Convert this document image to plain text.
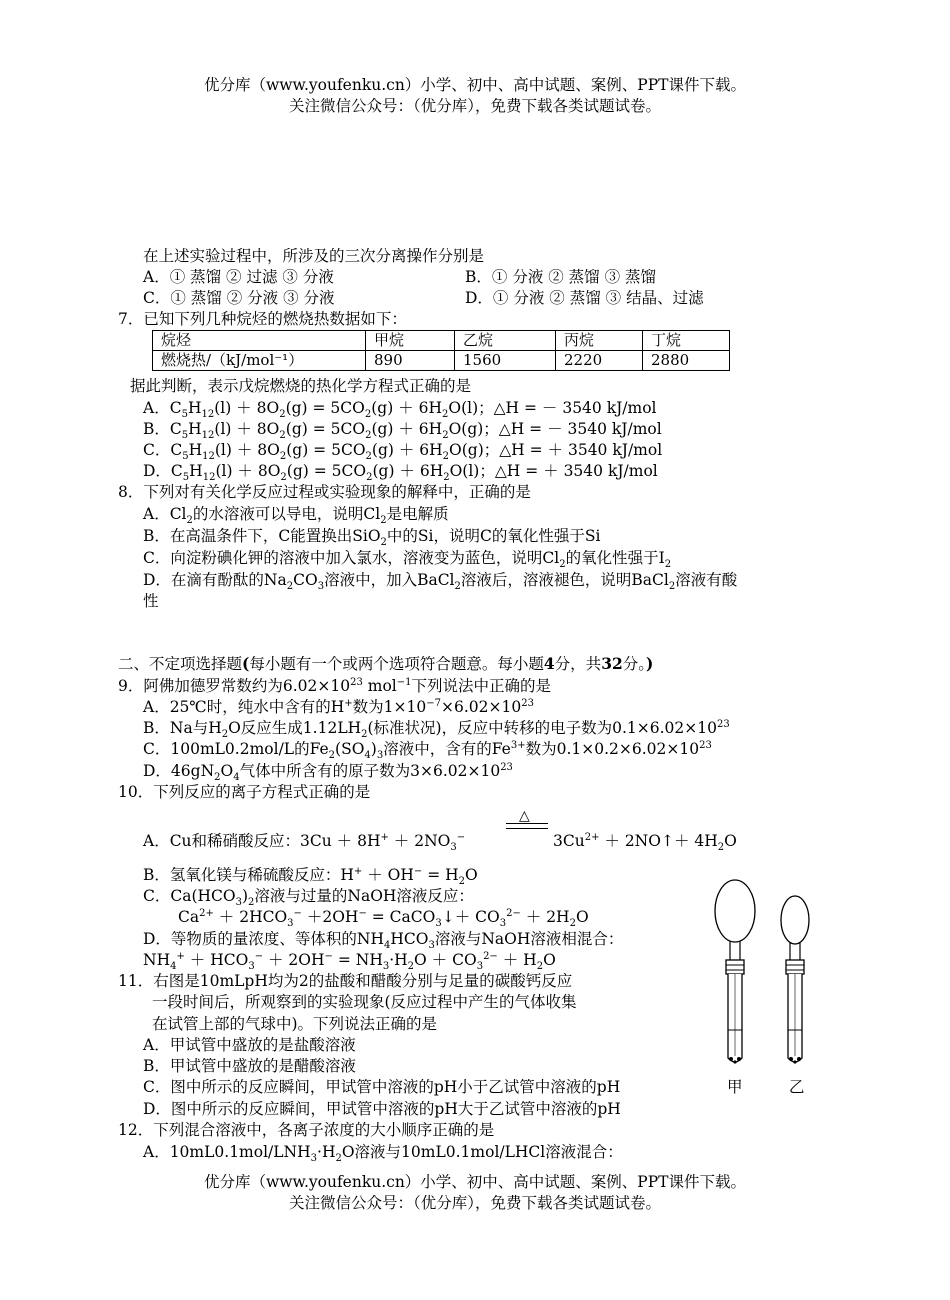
优分库（www.youfenku.cn）小学、初中、高中试题、案例、PPT课件下载。
关注微信公众号：（优分库），免费下载各类试题试卷。
在上述实验过程中，所涉及的三次分离操作分别是
A．① 蒸馏 ② 过滤 ③ 分液	B．① 分液 ② 蒸馏 ③ 蒸馏
C．① 蒸馏 ② 分液 ③ 分液	D．① 分液 ② 蒸馏 ③ 结晶、过滤
7．已知下列几种烷烃的燃烧热数据如下：
烷烃	甲烷	乙烷	丙烷	丁烷
燃烧热/（kJ/mol⁻¹）	890	1560	2220	2880
据此判断，表示戊烷燃烧的热化学方程式正确的是
A．$C_5H_{12}(l) + 8O_2(g) = 5CO_2(g) + 6H_2O(l)$；△H = － 3540 kJ/mol
B．$C_5H_{12}(l) + 8O_2(g) = 5CO_2(g) + 6H_2O(g)$；△H = － 3540 kJ/mol
C．$C_5H_{12}(l) + 8O_2(g) = 5CO_2(g) + 6H_2O(g)$；△H = ＋ 3540 kJ/mol
D．$C_5H_{12}(l) + 8O_2(g) = 5CO_2(g) + 6H_2O(l)$；△H = ＋ 3540 kJ/mol
8．下列对有关化学反应过程或实验现象的解释中，正确的是
A．$Cl_2$的水溶液可以导电，说明$Cl_2$是电解质
B．在高温条件下，C能置换出SiO$_2$中的Si，说明C的氧化性强于Si
C．向淀粉碘化钾的溶液中加入氯水，溶液变为蓝色，说明$Cl_2$的氧化性强于$I_2$
D．在滴有酚酞的$Na_2CO_3$溶液中，加入BaCl$_2$溶液后，溶液褪色，说明BaCl$_2$溶液有酸
性
二、不定项选择题(每小题有一个或两个选项符合题意。每小题4分，共32分。)
9．阿佛加德罗常数约为$6.02\times 10^{23}$ mol$^{-1}$下列说法中正确的是
A．25℃时，纯水中含有的H+数为$1\times 10^{-7}\times 6.02\times 10^{23}$
B．Na与$H_2O$反应生成$1.12LH_2$(标准状况)，反应中转移的电子数为$0.1\times 6.02\times 10^{23}$
C．100mL0.2mol/L的$Fe_2(SO_4)_3$溶液中，含有的$Fe^{3+}$数为$0.1\times 0.2\times 6.02\times 10^{23}$
D．$46gN_2O_4$气体中所含有的原子数为$3\times 6.02\times 10^{23}$
10．下列反应的离子方程式正确的是
△
A．Cu和稀硝酸反应：$3Cu + 8H^+ + 2NO_3^-$	$3Cu^{2+}$ ＋ 2NO↑＋ $4H_2O$
B．氢氧化镁与稀硫酸反应：$H^+ + OH^- = H_2O$
C．$Ca(HCO_3)_2$溶液与过量的NaOH溶液反应：
$Ca^{2+} + 2HCO_3^- +2OH^-$ = CaCO$_3$↓＋ $CO_3^{2-} + 2H_2O$
D．等物质的量浓度、等体积的$NH_4HCO_3$溶液与NaOH溶液相混合：
$NH_4^+ + HCO_3^- + 2OH^- = NH_3\cdot H_2O + CO_3^{2-} + H_2O$
11．右图是10mLpH均为2的盐酸和醋酸分别与足量的碳酸钙反应
一段时间后，所观察到的实验现象(反应过程中产生的气体收集
在试管上部的气球中)。下列说法正确的是
A．甲试管中盛放的是盐酸溶液
B．甲试管中盛放的是醋酸溶液
C．图中所示的反应瞬间，甲试管中溶液的pH小于乙试管中溶液的pH
D．图中所示的反应瞬间，甲试管中溶液的pH大于乙试管中溶液的pH
甲	乙
12．下列混合溶液中，各离子浓度的大小顺序正确的是
A．$10mL0.1mol/LNH_3\cdot H_2O$溶液与10mL0.1mol/LHCl溶液混合：
优分库（www.youfenku.cn）小学、初中、高中试题、案例、PPT课件下载。
关注微信公众号：（优分库），免费下载各类试题试卷。
